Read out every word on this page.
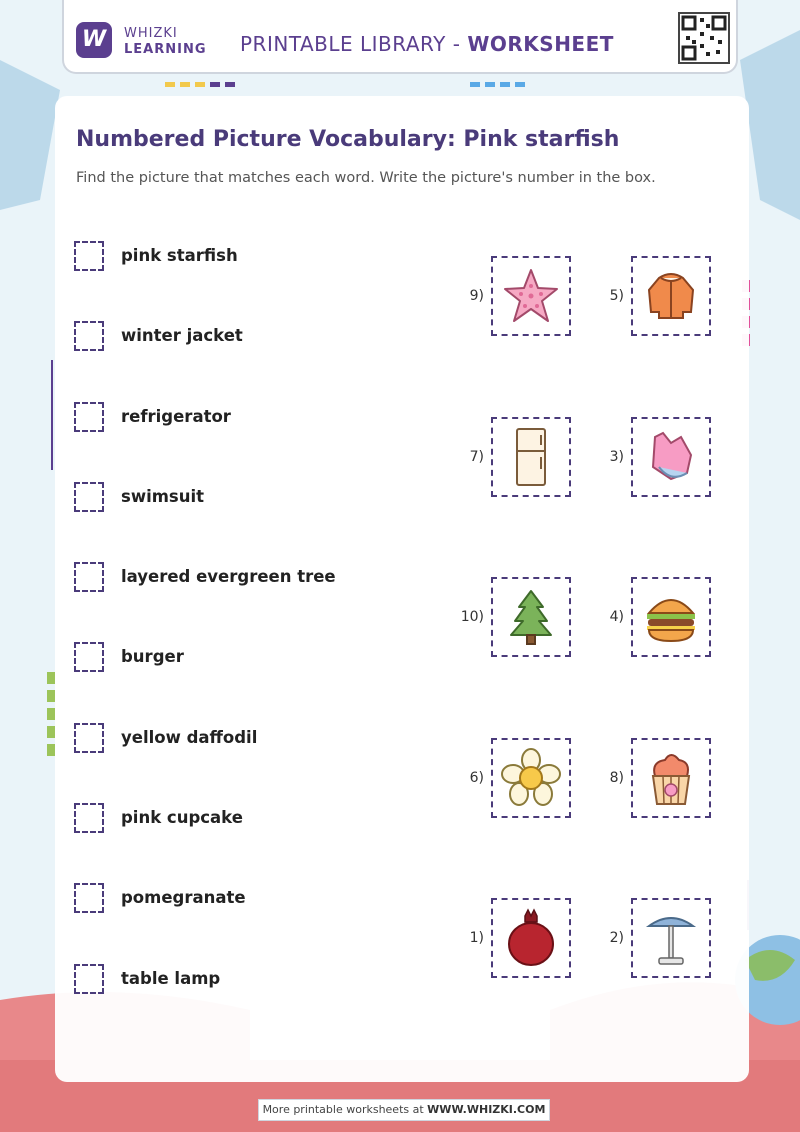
W	WHIZKI
LEARNING PRINTABLE LIBRARY - WORKSHEET
Numbered Picture Vocabulary: Pink starfish
Find the picture that matches each word. Write the picture's number in the box.
pink starfish
winter jacket
refrigerator
swimsuit
layered evergreen tree
burger
yellow daffodil
pink cupcake
pomegranate
table lamp
9)	5)
7)	3)
10)	4)
6)	8)
1)	2)
More printable worksheets at WWW.WHIZKI.COM
